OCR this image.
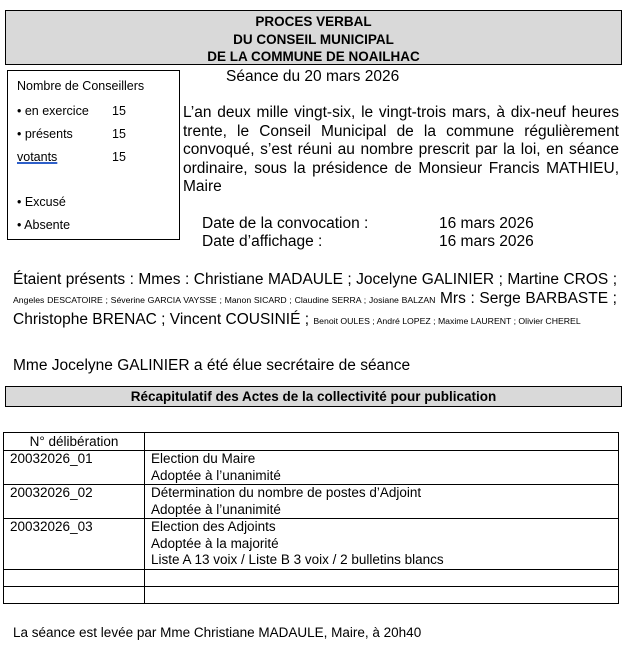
PROCES VERBAL
DU CONSEIL MUNICIPAL
DE LA COMMUNE DE NOAILHAC
Séance du 20 mars 2026
Nombre de Conseillers
• en exercice 15
• présents	15
votants	15
• Excusé
• Absente
L’an deux mille vingt-six, le vingt-trois mars, à dix-neuf heures trente, le Conseil Municipal de la commune régulièrement convoqué, s’est réuni au nombre prescrit par la loi, en séance ordinaire, sous la présidence de Monsieur Francis MATHIEU, Maire
Date de la convocation :	16 mars 2026
Date d’affichage :	16 mars 2026
Étaient présents : Mmes : Christiane MADAULE ; Jocelyne GALINIER ; Martine CROS ; Angeles DESCATOIRE ; Séverine GARCIA VAYSSE ; Manon SICARD ; Claudine SERRA ; Josiane BALZAN Mrs : Serge BARBASTE ; Christophe BRENAC ; Vincent COUSINIÉ ; Benoit OULES ; André LOPEZ ; Maxime LAURENT ; Olivier CHEREL
Mme Jocelyne GALINIER a été élue secrétaire de séance
Récapitulatif des Actes de la collectivité pour publication
N° délibération	
20032026_01	Election du Maire
Adoptée à l’unanimité

20032026_02	Détermination du nombre de postes d’Adjoint
Adoptée à l’unanimité

20032026_03	Election des Adjoints
Adoptée à la majorité
Liste A 13 voix / Liste B 3 voix / 2 bulletins blancs

La séance est levée par Mme Christiane MADAULE, Maire, à 20h40
